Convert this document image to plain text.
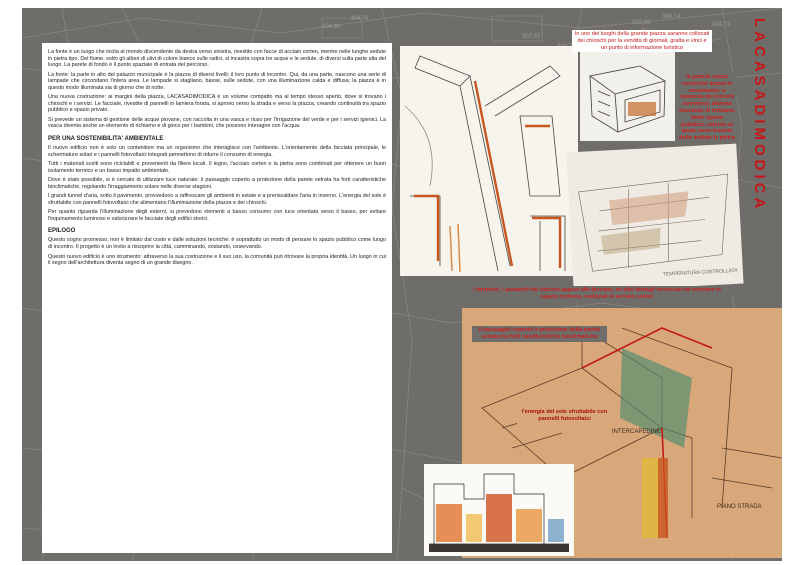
304,60
304,76
302,26
308,74
304,73
307,67

La fonte è un luogo che incita al mondo discendente da destra verso sinistra, rivestito con facce di acciaio corten, mentre nelle lunghe sedute in pietra tipo. Del fiume, sotto gli alberi di ulivi di colore bianco sulle radici, si incastra sopra tre acque e le sedute, di diversi sulla parte alta del luogo. La parete di fondo è il punto spaziale di entrata del percorso.

La fonte: la parte in alto del palazzo municipale è la piazza di diversi livelli; il loro punto di incontro. Qui, da una parte, nascono una serie di lampade che circondano l'intera area. Le lampade si stagliano, basse, sulle sedute, con una illuminazione calda e diffusa; la piazza è in questo modo illuminata sia di giorno che di notte.

Una nuova costruzione: ai margini della piazza, LACASADIMODICA è un volume compatto ma al tempo stesso aperto, dove si trovano i chioschi e i servizi. Le facciate, rivestite di pannelli in lamiera forata, si aprono verso la strada e verso la piazza, creando continuità tra spazio pubblico e spazio privato.

Si prevede un sistema di gestione delle acque piovane, con raccolta in una vasca e riuso per l'irrigazione del verde e per i servizi igienici. La vasca diventa anche un elemento di richiamo e di gioco per i bambini, che possono interagire con l'acqua.

PER UNA SOSTENIBILITA' AMBIENTALE

Il nuovo edificio non è solo un contenitore ma un organismo che interagisce con l'ambiente. L'orientamento della facciata principale, le schermature solari e i pannelli fotovoltaici integrati permettono di ridurre il consumo di energia.

Tutti i materiali scelti sono riciclabili e provenienti da filiere locali. Il legno, l'acciaio corten e la pietra sono combinati per ottenere un buon isolamento termico e un basso impatto ambientale.

Dove è stato possibile, si è cercato di utilizzare luce naturale: il passaggio coperto a protezione della parete vetrata ha forti caratteristiche bioclimatiche, regolando l'irraggiamento solare nelle diverse stagioni.

I grandi tunnel d'aria, sotto il pavimento, provvedono a raffrescare gli ambienti in estate e a preriscaldare l'aria in inverno. L'energia del sole è sfruttabile con pannelli fotovoltaici che alimentano l'illuminazione della piazza e dei chioschi.

Per quanto riguarda l'illuminazione degli esterni, si prevedono elementi a basso consumo con luce orientata verso il basso, per evitare l'inquinamento luminoso e valorizzare le facciate degli edifici storici.

EPILOGO

Questo sogno promesso, non è limitato dal costo e dalle soluzioni tecniche: è soprattutto un modo di pensare lo spazio pubblico come luogo di incontro. Il progetto è un invito a riscoprire la città, camminando, sostando, osservando.

Questo nuovo edificio è uno strumento: attraverso la sua costruzione e il suo uso, la comunità può ritrovare la propria identità. Un luogo in cui il segno dell'architettura diventa segno di un grande disegno.

TEMPERATURA CONTROLLATA
INTERCAPEDINE
PIANO STRADA
In uno dei luoghi della grande piazza saranno collocati dei chioschi per la vendita di giornali, gratta e vinci e un punto di informazione turistico
la grande vasca contenete acqua in movimento, a memoria dei torrenti sommersi, diventa elemento di richiamo dello spazio pubblico, intorno al quale sono inserite delle sedute in pietra
i lampioni, i parapetti dei balconi appesi alle facciate, ed altri dettagli necessari ad arredare lo spazio comune, realizzati in acciaio corten
il passaggio coperto a protezione della parete vetrata ha forti caratteristiche bioclimatiche
l'energia del sole sfruttabile con pannelli fotovoltaici
LACASADIMODICA
